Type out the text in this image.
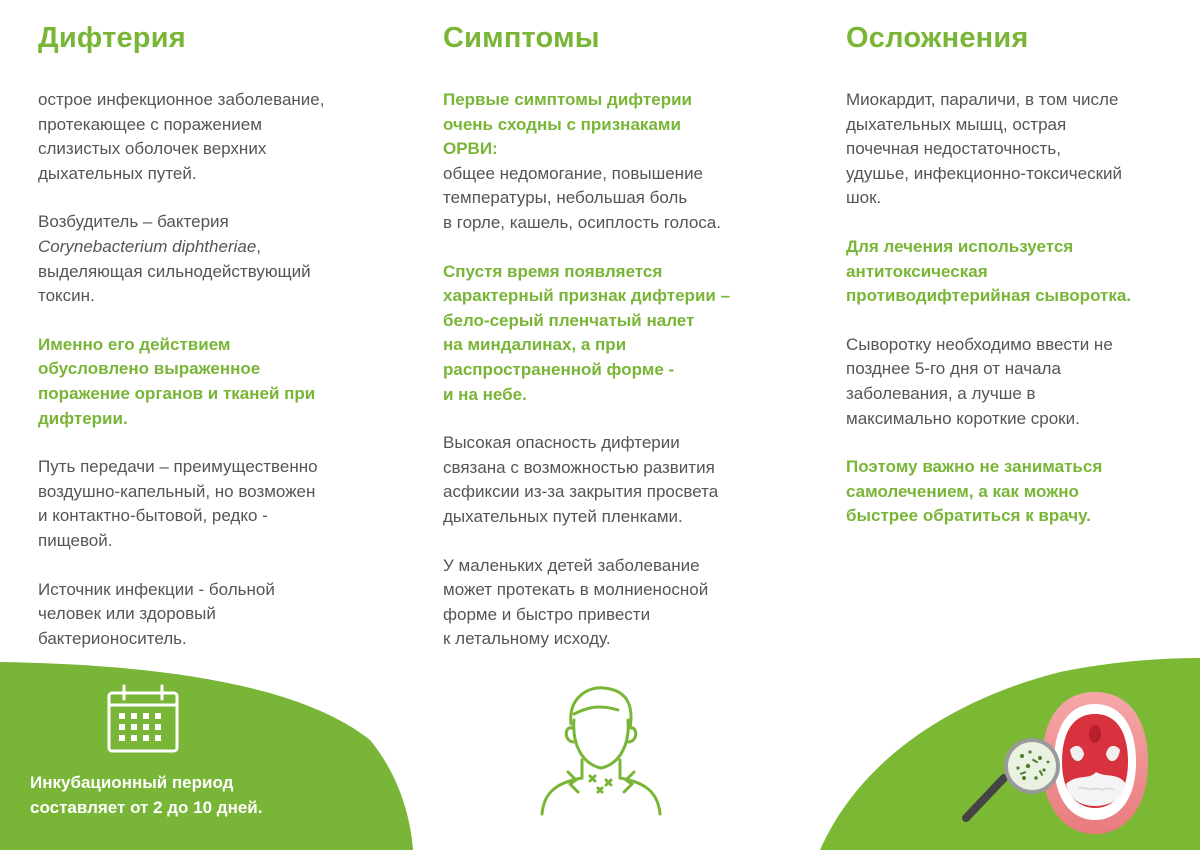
Дифтерия

острое инфекционное заболевание,
протекающее с поражением
слизистых оболочек верхних
дыхательных путей.

Возбудитель – бактерия
Corynebacterium diphtheriae,
выделяющая сильнодействующий
токсин.

Именно его действием
обусловлено выраженное
поражение органов и тканей при
дифтерии.

Путь передачи – преимущественно
воздушно-капельный, но возможен
и контактно-бытовой, редко -
пищевой.

Источник инфекции - больной
человек или здоровый
бактерионоситель.

Симптомы

Первые симптомы дифтерии
очень сходны с признаками
ОРВИ:
общее недомогание, повышение
температуры, небольшая боль
в горле, кашель, осиплость голоса.

Спустя время появляется
характерный признак дифтерии –
бело-серый пленчатый налет
на миндалинах, а при
распространенной форме -
и на небе.

Высокая опасность дифтерии
связана с возможностью развития
асфиксии из-за закрытия просвета
дыхательных путей пленками.

У маленьких детей заболевание
может протекать в молниеносной
форме и быстро привести
к летальному исходу.

Осложнения

Миокардит, параличи, в том числе
дыхательных мышц, острая
почечная недостаточность,
удушье, инфекционно-токсический
шок.

Для лечения используется
антитоксическая
противодифтерийная сыворотка.

Сыворотку необходимо ввести не
позднее 5-го дня от начала
заболевания, а лучше в
максимально короткие сроки.

Поэтому важно не заниматься
самолечением, а как можно
быстрее обратиться к врачу.

Инкубационный период
составляет от 2 до 10 дней.
